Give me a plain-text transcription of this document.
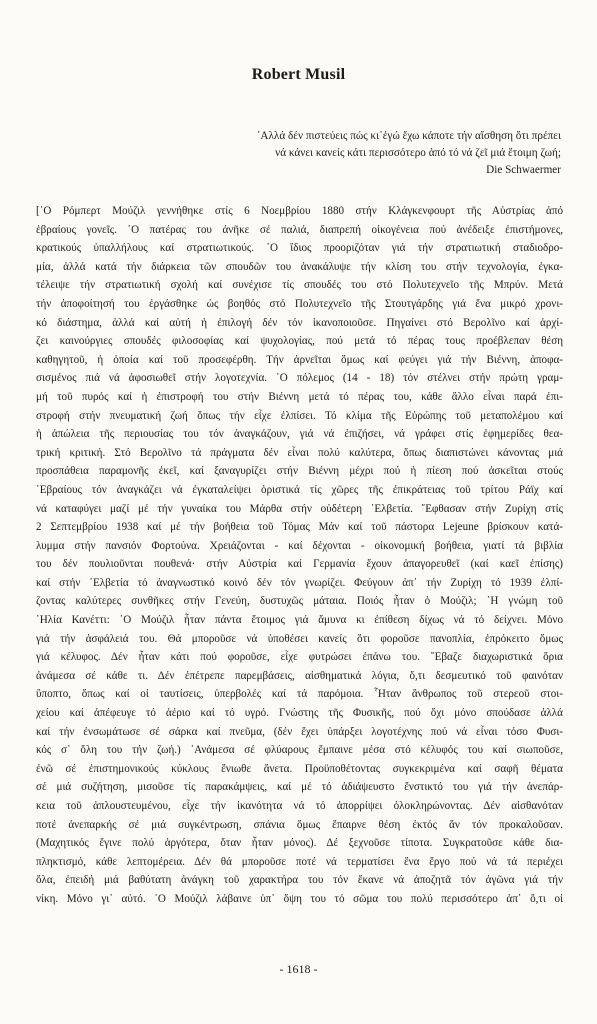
Robert Musil
᾽Αλλά δέν πιστεύεις πώς κι᾽ἐγώ ἔχω κάποτε τήν αἴσθηση ὅτι πρέπει
νά κάνει κανείς κάτι περισσότερο ἀπό τό νά ζεῖ μιά ἕτοιμη ζωή;
Die Schwaermer
[᾽Ο Ρόμπερτ Μούζιλ γεννήθηκε στίς 6 Νοεμβρίου 1880 στήν Κλάγκενφουρτ τῆς Αὐστρίας ἀπό
ἑβραίους γονεῖς. ᾽Ο πατέρας του ἀνῆκε σέ παλιά, διαπρεπή οἰκογένεια πού ἀνέδειξε ἐπιστήμονες,
κρατικούς ὑπαλλήλους καί στρατιωτικούς. ᾽Ο ἴδιος προοριζόταν γιά τήν στρατιωτική σταδιοδρο-
μία, ἀλλά κατά τήν διάρκεια τῶν σπουδῶν του ἀνακάλυψε τήν κλίση του στήν τεχνολογία, ἐγκα-
τέλειψε τήν στρατιωτική σχολή καί συνέχισε τίς σπουδές του στό Πολυτεχνεῖο τῆς Μπρύν. Μετά
τήν ἀποφοίτησή του ἐργάσθηκε ὡς βοηθός στό Πολυτεχνεῖο τῆς Στουτγάρδης γιά ἕνα μικρό χρονι-
κό διάστημα, ἀλλά καί αὐτή ἡ ἐπιλογή δέν τόν ἱκανοποιοῦσε. Πηγαίνει στό Βερολῖνο καί ἀρχί-
ζει καινούργιες σπουδές φιλοσοφίας καί ψυχολογίας, πού μετά τό πέρας τους προέβλεπαν θέση
καθηγητοῦ, ἡ ὁποία καί τοῦ προσεφέρθη. Τήν ἀρνεῖται ὅμως καί φεύγει γιά τήν Βιέννη, ἀποφα-
σισμένος πιά νά ἀφοσιωθεῖ στήν λογοτεχνία. ᾽Ο πόλεμος (14 - 18) τόν στέλνει στήν πρώτη γραμ-
μή τοῦ πυρός καί ἡ ἐπιστροφή του στήν Βιέννη μετά τό πέρας του, κάθε ἄλλο εἶναι παρά ἐπι-
στροφή στήν πνευματική ζωή ὅπως τήν εἶχε ἐλπίσει. Τό κλίμα τῆς Εὐρώπης τοῦ μεταπολέμου καί
ἡ ἀπώλεια τῆς περιουσίας του τόν ἀναγκάζουν, γιά νά ἐπιζήσει, νά γράφει στίς ἐφημερίδες θεα-
τρική κριτική. Στό Βερολῖνο τά πράγματα δέν εἶναι πολύ καλύτερα, ὅπως διαπιστώνει κάνοντας μιά
προσπάθεια παραμονῆς ἐκεῖ, καί ξαναγυρίζει στήν Βιέννη μέχρι πού ἡ πίεση πού ἀσκεῖται στούς
῾Εβραίους τόν ἀναγκάζει νά ἐγκαταλείψει ὁριστικά τίς χῶρες τῆς ἐπικράτειας τοῦ τρίτου Ράϊχ καί
νά καταφύγει μαζί μέ τήν γυναίκα του Μάρθα στήν οὐδέτερη ῾Ελβετία. ῎Εφθασαν στήν Ζυρίχη στίς
2 Σεπτεμβρίου 1938 καί μέ τήν βοήθεια τοῦ Τόμας Μάν καί τοῦ πάστορα Lejeune βρίσκουν κατά-
λυμμα στήν πανσιόν Φορτούνα. Χρειάζονται - καί δέχονται - οἰκονομική βοήθεια, γιατί τά βιβλία
του δέν πουλιοῦνται πουθενά· στήν Αὐστρία καί Γερμανία ἔχουν ἀπαγορευθεῖ (καί καεῖ ἐπίσης)
καί στήν ῾Ελβετία τό ἀναγνωστικό κοινό δέν τόν γνωρίζει. Φεύγουν ἀπ᾽ τήν Ζυρίχη τό 1939 ἐλπί-
ζοντας καλύτερες συνθῆκες στήν Γενεύη, δυστυχῶς μάταια. Ποιός ἦταν ὁ Μούζιλ; ῾Η γνώμη τοῦ
῾Ηλία Κανέττι: ῾Ο Μούζιλ ἦταν πάντα ἕτοιμος γιά ἄμυνα κι ἐπίθεση δίχως νά τό δείχνει. Μόνο
γιά τήν ἀσφάλειά του. Θά μποροῦσε νά ὑποθέσει κανείς ὅτι φοροῦσε πανοπλία, ἐπρόκειτο ὅμως
γιά κέλυφος. Δέν ἦταν κάτι πού φοροῦσε, εἶχε φυτρώσει ἐπάνω του. ῎Εβαζε διαχωριστικά ὅρια
ἀνάμεσα σέ κάθε τι. Δέν ἐπέτρεπε παρεμβάσεις, αἰσθηματικά λόγια, ὅ,τι δεσμευτικό τοῦ φαινόταν
ὕποπτο, ὅπως καί οἱ ταυτίσεις, ὑπερβολές καί τά παρόμοια. ῟Ηταν ἄνθρωπος τοῦ στερεοῦ στοι-
χείου καί ἀπέφευγε τό ἀέριο καί τό υγρό. Γνώστης τῆς Φυσικῆς, πού ὄχι μόνο σπούδασε ἀλλά
καί τήν ἐνσωμάτωσε σέ σάρκα καί πνεῦμα, (δέν ἔχει ὑπάρξει λογοτέχνης πού νά εἶναι τόσο Φυσι-
κός σ᾽ ὅλη του τήν ζωή.) ᾽Ανάμεσα σέ φλύαρους ἔμπαινε μέσα στό κέλυφός του καί σιωποῦσε,
ἐνῶ σέ ἐπιστημονικούς κύκλους ἔνιωθε ἄνετα. Προϋποθέτοντας συγκεκριμένα καί σαφῆ θέματα
σέ μιά συζήτηση, μισοῦσε τίς παρακάμψεις, καί μέ τό ἀδιάψευστο ἔνστικτό του γιά τήν ἀνεπάρ-
κεια τοῦ ἀπλουστευμένου, εἶχε τήν ἱκανότητα νά τό ἀπορρίψει ὁλοκληρώνοντας. Δέν αἰσθανόταν
ποτέ ἀνεπαρκής σέ μιά συγκέντρωση, σπάνια ὅμως ἔπαιρνε θέση ἐκτός ἄν τόν προκαλοῦσαν.
(Μαχητικός ἔγινε πολύ ἀργότερα, ὅταν ἦταν μόνος). Δέ ξεχνοῦσε τίποτα. Συγκρατοῦσε κάθε δια-
πληκτισμό, κάθε λεπτομέρεια. Δέν θά μποροῦσε ποτέ νά τερματίσει ἔνα ἔργο πού νά τά περιέχει
ὅλα, ἐπειδή μιά βαθύτατη ἀνάγκη τοῦ χαρακτήρα του τόν ἔκανε νά ἀποζητᾶ τόν ἀγῶνα γιά τήν
νίκη. Μόνο γι᾽ αὐτό. ᾽Ο Μούζιλ λάβαινε ὑπ᾽ ὄψη του τό σῶμα του πολύ περισσότερο ἀπ᾽ ὅ,τι οἱ
- 1618 -
